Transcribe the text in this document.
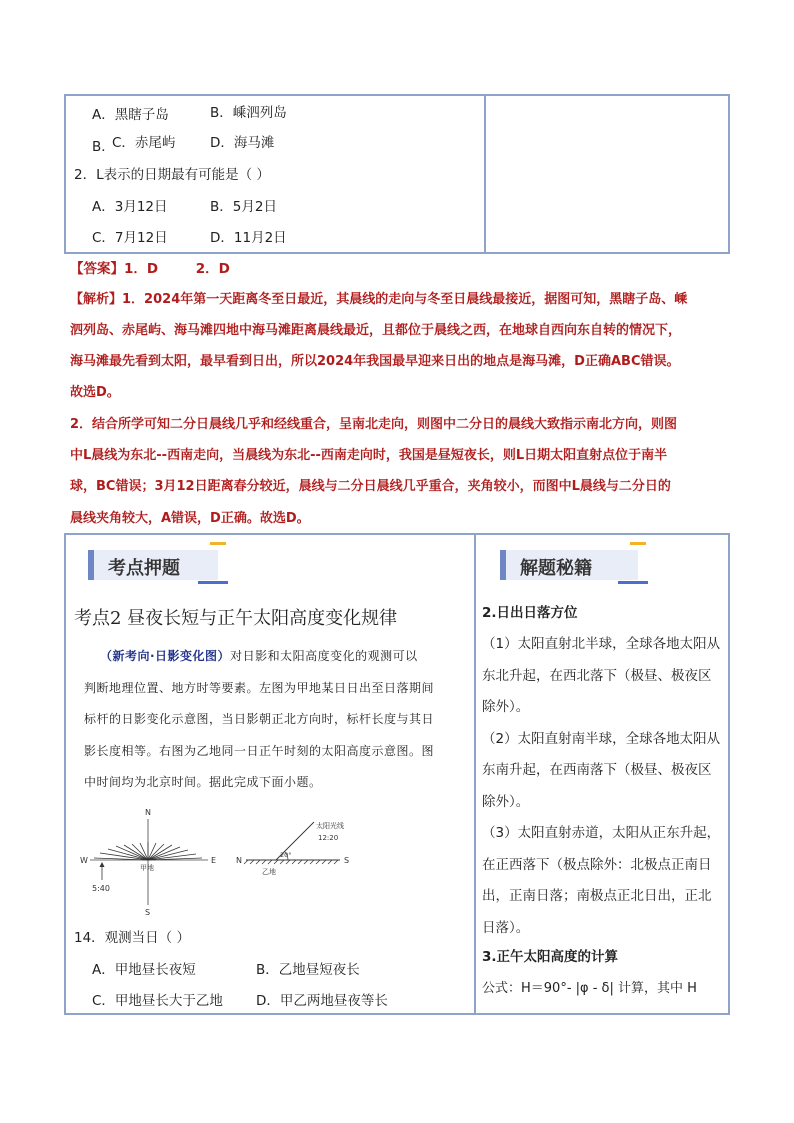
A．黑瞎子岛	B．嵊泗列岛
B．
C．赤尾屿	D．海马滩
2．L表示的日期最有可能是（ ）
A．3月12日	B．5月2日
C．7月12日	D．11月2日
【答案】1．D        2．D
【解析】1．2024年第一天距离冬至日最近，其晨线的走向与冬至日晨线最接近，据图可知，黑瞎子岛、嵊
泗列岛、赤尾屿、海马滩四地中海马滩距离晨线最近，且都位于晨线之西，在地球自西向东自转的情况下，
海马滩最先看到太阳，最早看到日出，所以2024年我国最早迎来日出的地点是海马滩，D正确ABC错误。
故选D。
2．结合所学可知二分日晨线几乎和经线重合，呈南北走向，则图中二分日的晨线大致指示南北方向，则图
中L晨线为东北--西南走向，当晨线为东北--西南走向时，我国是昼短夜长，则L日期太阳直射点位于南半
球，BC错误；3月12日距离春分较近，晨线与二分日晨线几乎重合，夹角较小，而图中L晨线与二分日的
晨线夹角较大，A错误，D正确。故选D。
考点押题	解题秘籍
考点2 昼夜长短与正午太阳高度变化规律
（新考向·日影变化图）对日影和太阳高度变化的观测可以
判断地理位置、地方时等要素。左图为甲地某日日出至日落期间
标杆的日影变化示意图，当日影朝正北方向时，标杆长度与其日
影长度相等。右图为乙地同一日正午时刻的太阳高度示意图。图
中时间均为北京时间。据此完成下面小题。
N
S
W	E
甲地
5:40
N	S
乙地
太阳光线
12:20
20°
14．观测当日（ ）
A．甲地昼长夜短	B．乙地昼短夜长
C．甲地昼长大于乙地 D．甲乙两地昼夜等长
2.日出日落方位
（1）太阳直射北半球，全球各地太阳从
东北升起，在西北落下（极昼、极夜区
除外）。
（2）太阳直射南半球，全球各地太阳从
东南升起，在西南落下（极昼、极夜区
除外）。
（3）太阳直射赤道，太阳从正东升起，
在正西落下（极点除外：北极点正南日
出，正南日落；南极点正北日出，正北
日落）。
3.正午太阳高度的计算
公式：H＝90°- |φ - δ| 计算，其中 H
